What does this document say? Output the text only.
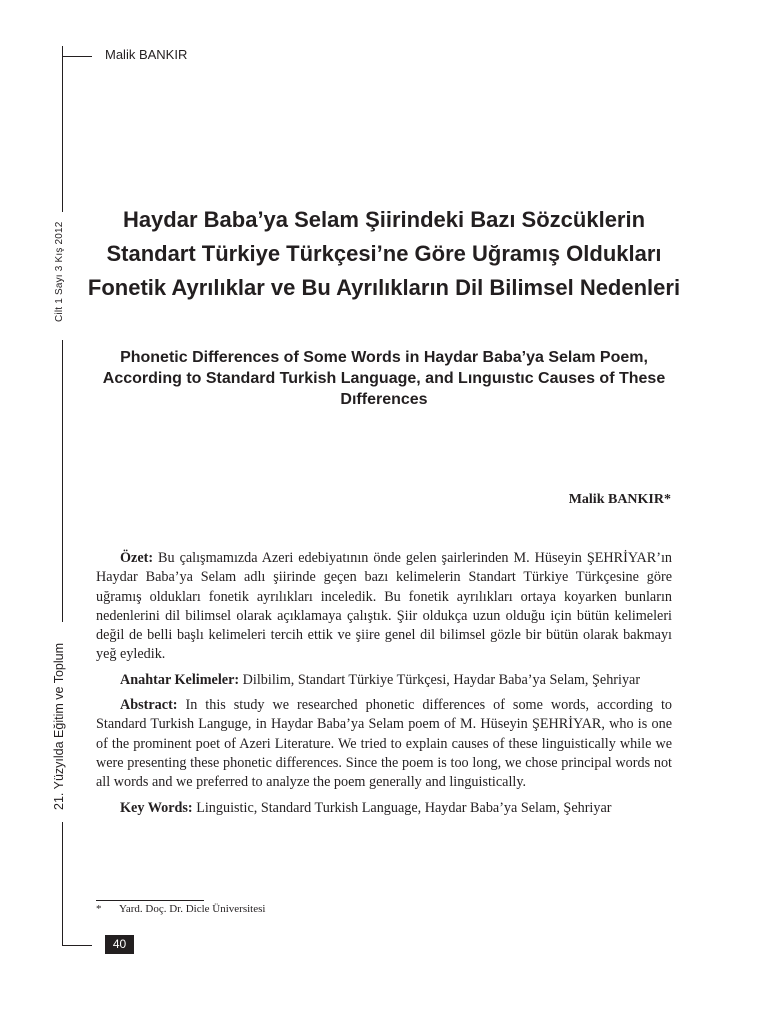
Malik BANKIR
Cilt 1 Sayı 3 Kış 2012
21. Yüzyılda Eğitim ve Toplum
Haydar Baba’ya Selam Şiirindeki Bazı Sözcüklerin Standart Türkiye Türkçesi’ne Göre Uğramış Oldukları Fonetik Ayrılıklar ve Bu Ayrılıkların Dil Bilimsel Nedenleri
Phonetic Differences of Some Words in Haydar Baba’ya Selam Poem, According to Standard Turkish Language, and Lınguıstıc Causes of These Dıfferences
Malik BANKIR*

Özet: Bu çalışmamızda Azeri edebiyatının önde gelen şairlerinden M. Hüseyin ŞEHRİYAR’ın Haydar Baba’ya Selam adlı şiirinde geçen bazı kelimelerin Standart Türkiye Türkçesine göre uğramış oldukları fonetik ayrılıkları inceledik. Bu fonetik ayrılıkları ortaya koyarken bunların nedenlerini dil bilimsel olarak açıklamaya çalıştık. Şiir oldukça uzun olduğu için bütün kelimeleri değil de belli başlı kelimeleri tercih ettik ve şiire genel dil bilimsel gözle bir bütün olarak bakmayı yeğ eyledik.

Anahtar Kelimeler: Dilbilim, Standart Türkiye Türkçesi, Haydar Baba’ya Selam, Şehriyar

Abstract: In this study we researched phonetic differences of some words, according to Standard Turkish Languge, in Haydar Baba’ya Selam poem of M. Hüseyin ŞEHRİYAR, who is one of the prominent poet of Azeri Literature. We tried to explain causes of these linguistically while we were presenting these phonetic differences. Since the poem is too long, we chose principal words not all words and we preferred to analyze the poem generally and linguistically.

Key Words: Linguistic, Standard Turkish Language, Haydar Baba’ya Selam, Şehriyar

* Yard. Doç. Dr. Dicle Üniversitesi
40
